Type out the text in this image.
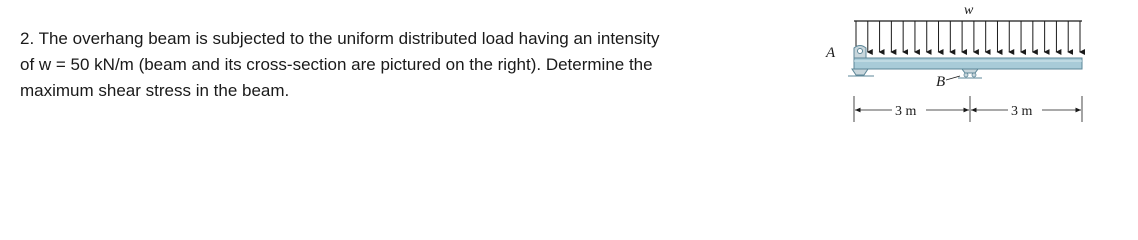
2. The overhang beam is subjected to the uniform distributed load having an intensity
of w = 50 kN/m (beam and its cross-section are pictured on the right). Determine the
maximum shear stress in the beam.
w
A
B
3 m	3 m
